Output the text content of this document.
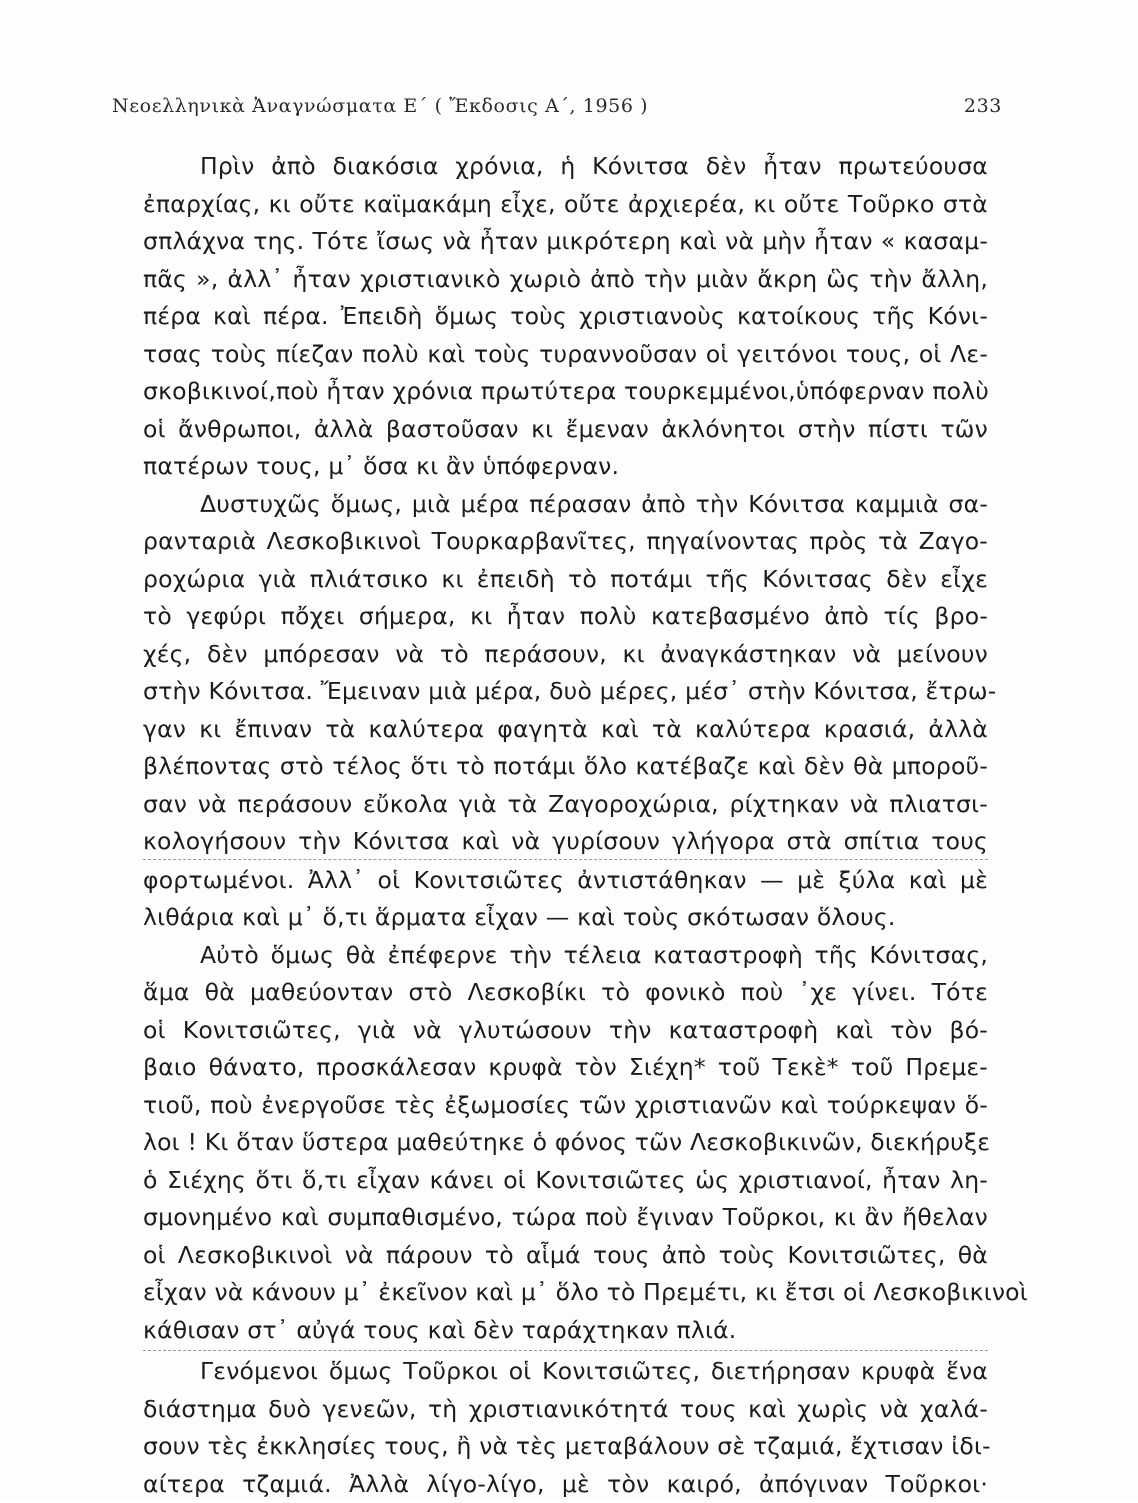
Νεοελληνικὰ Ἀναγνώσματα Ε΄ ( Ἔκδοσις Α΄, 1956 )	233
Πρὶν ἀπὸ διακόσια χρόνια, ἡ Κόνιτσα δὲν ἦταν πρωτεύουσα
ἐπαρχίας, κι οὔτε καϊμακάμη εἶχε, οὔτε ἀρχιερέα, κι οὔτε Τοῦρκο στὰ
σπλάχνα της. Τότε ἴσως νὰ ἦταν μικρότερη καὶ νὰ μὴν ἦταν « κασαμ-
πᾶς », ἀλλ᾽ ἦταν χριστιανικὸ χωριὸ ἀπὸ τὴν μιὰν ἄκρη ὣς τὴν ἄλλη,
πέρα καὶ πέρα. Ἐπειδὴ ὅμως τοὺς χριστιανοὺς κατοίκους τῆς Κόνι-
τσας τοὺς πίεζαν πολὺ καὶ τοὺς τυραννοῦσαν οἱ γειτόνοι τους, οἱ Λε-
σκοβικινοί,ποὺ ἦταν χρόνια πρωτύτερα τουρκεμμένοι,ὑπόφερναν πολὺ
οἱ ἄνθρωποι, ἀλλὰ βαστοῦσαν κι ἔμεναν ἀκλόνητοι στὴν πίστι τῶν
πατέρων τους, μ᾽ ὅσα κι ἂν ὑπόφερναν.
Δυστυχῶς ὅμως, μιὰ μέρα πέρασαν ἀπὸ τὴν Κόνιτσα καμμιὰ σα-
ρανταριὰ Λεσκοβικινοὶ Τουρκαρβανῖτες, πηγαίνοντας πρὸς τὰ Ζαγο-
ροχώρια γιὰ πλιάτσικο κι ἐπειδὴ τὸ ποτάμι τῆς Κόνιτσας δὲν εἶχε
τὸ γεφύρι πὄχει σήμερα, κι ἦταν πολὺ κατεβασμένο ἀπὸ τίς βρο-
χές, δὲν μπόρεσαν νὰ τὸ περάσουν, κι ἀναγκάστηκαν νὰ μείνουν
στὴν Κόνιτσα. Ἔμειναν μιὰ μέρα, δυὸ μέρες, μέσ᾽ στὴν Κόνιτσα, ἔτρω-
γαν κι ἔπιναν τὰ καλύτερα φαγητὰ καὶ τὰ καλύτερα κρασιά, ἀλλὰ
βλέποντας στὸ τέλος ὅτι τὸ ποτάμι ὅλο κατέβαζε καὶ δὲν θὰ μποροῦ-
σαν νὰ περάσουν εὔκολα γιὰ τὰ Ζαγοροχώρια, ρίχτηκαν νὰ πλιατσι-
κολογήσουν τὴν Κόνιτσα καὶ νὰ γυρίσουν γλήγορα στὰ σπίτια τους
φορτωμένοι. Ἀλλ᾽ οἱ Κονιτσιῶτες ἀντιστάθηκαν — μὲ ξύλα καὶ μὲ
λιθάρια καὶ μ᾽ ὅ,τι ἅρματα εἶχαν — καὶ τοὺς σκότωσαν ὅλους.
Αὐτὸ ὅμως θὰ ἐπέφερνε τὴν τέλεια καταστροφὴ τῆς Κόνιτσας,
ἅμα θὰ μαθεύονταν στὸ Λεσκοβίκι τὸ φονικὸ ποὺ ᾽χε γίνει. Τότε
οἱ Κονιτσιῶτες, γιὰ νὰ γλυτώσουν τὴν καταστροφὴ καὶ τὸν βό-
βαιο θάνατο, προσκάλεσαν κρυφὰ τὸν Σιέχη* τοῦ Τεκὲ* τοῦ Πρεμε-
τιοῦ, ποὺ ἐνεργοῦσε τὲς ἐξωμοσίες τῶν χριστιανῶν καὶ τούρκεψαν ὅ-
λοι ! Κι ὅταν ὕστερα μαθεύτηκε ὁ φόνος τῶν Λεσκοβικινῶν, διεκήρυξε
ὁ Σιέχης ὅτι ὅ,τι εἶχαν κάνει οἱ Κονιτσιῶτες ὡς χριστιανοί, ἦταν λη-
σμονημένο καὶ συμπαθισμένο, τώρα ποὺ ἔγιναν Τοῦρκοι, κι ἂν ἤθελαν
οἱ Λεσκοβικινοὶ νὰ πάρουν τὸ αἷμά τους ἀπὸ τοὺς Κονιτσιῶτες, θὰ
εἶχαν νὰ κάνουν μ᾽ ἐκεῖνον καὶ μ᾽ ὅλο τὸ Πρεμέτι, κι ἔτσι οἱ Λεσκοβικινοὶ
κάθισαν στ᾽ αὐγά τους καὶ δὲν ταράχτηκαν πλιά.
Γενόμενοι ὅμως Τοῦρκοι οἱ Κονιτσιῶτες, διετήρησαν κρυφὰ ἕνα
διάστημα δυὸ γενεῶν, τὴ χριστιανικότητά τους καὶ χωρὶς νὰ χαλά-
σουν τὲς ἐκκλησίες τους, ἢ νὰ τὲς μεταβάλουν σὲ τζαμιά, ἔχτισαν ἰδι-
αίτερα τζαμιά. Ἀλλὰ λίγο-λίγο, μὲ τὸν καιρό, ἀπόγιναν Τοῦρκοι·
